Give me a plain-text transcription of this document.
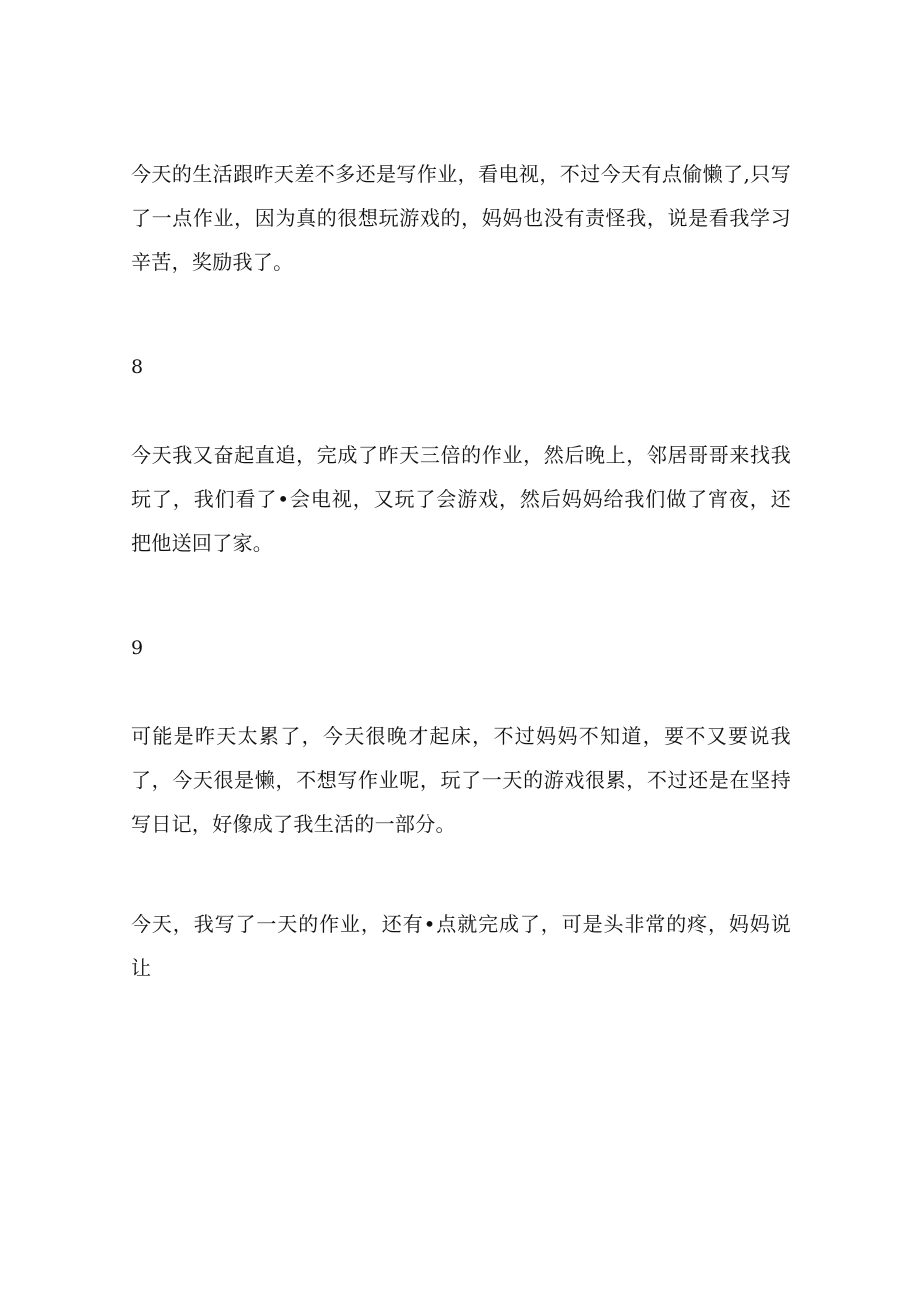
今天的生活跟昨天差不多还是写作业，看电视，不过今天有点偷懒了,只写了一点作业，因为真的很想玩游戏的，妈妈也没有责怪我，说是看我学习辛苦，奖励我了。

8

今天我又奋起直追，完成了昨天三倍的作业，然后晚上，邻居哥哥来找我玩了，我们看了•会电视，又玩了会游戏，然后妈妈给我们做了宵夜，还把他送回了家。

9

可能是昨天太累了，今天很晚才起床，不过妈妈不知道，要不又要说我了，今天很是懒，不想写作业呢，玩了一天的游戏很累，不过还是在坚持写日记，好像成了我生活的一部分。

今天，我写了一天的作业，还有•点就完成了，可是头非常的疼，妈妈说让
